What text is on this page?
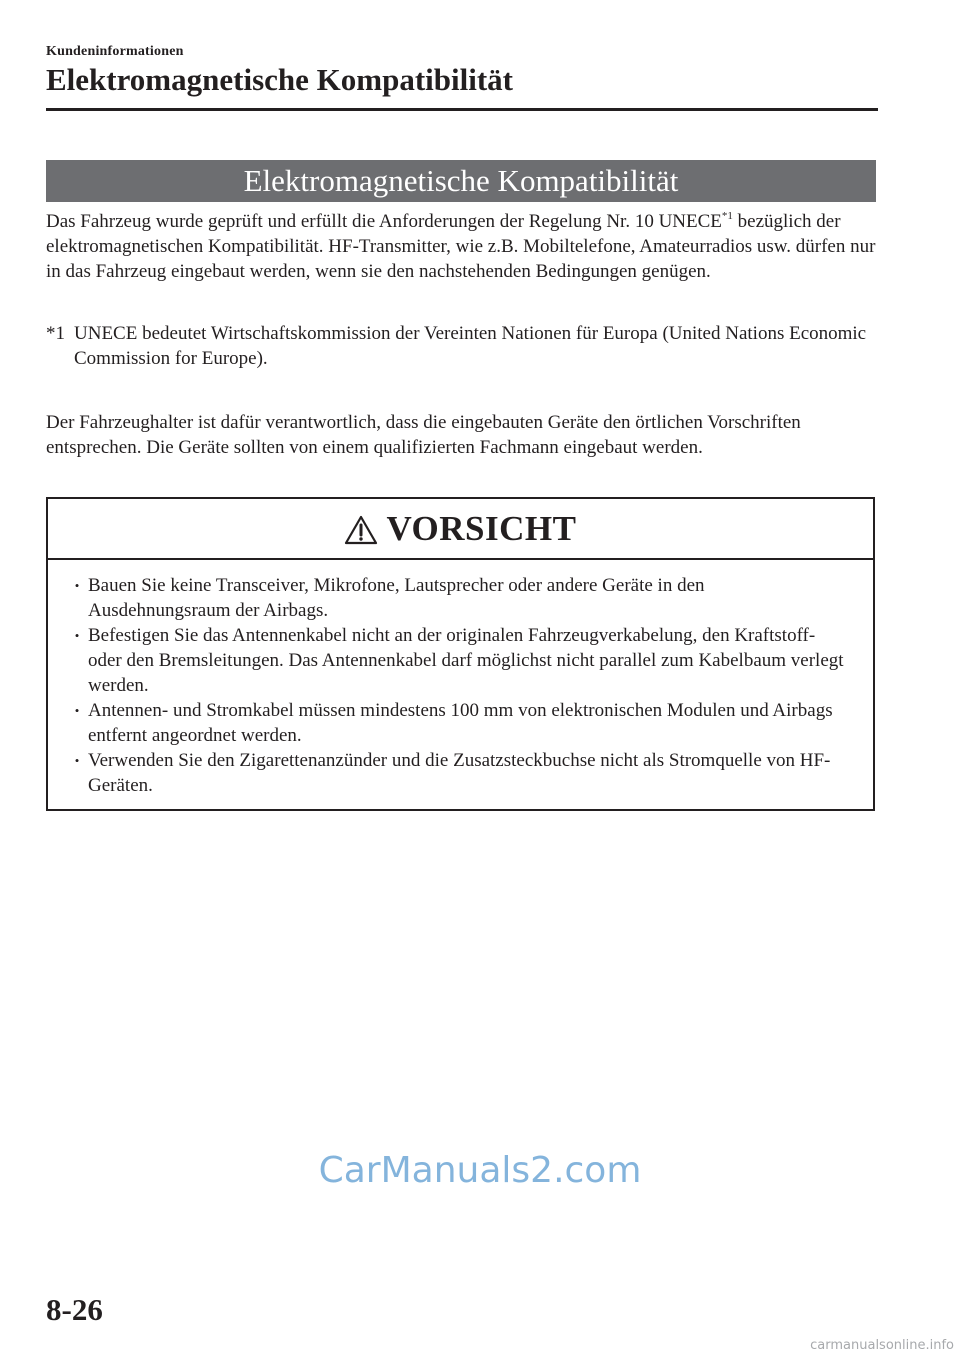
Kundeninformationen
Elektromagnetische Kompatibilität
Elektromagnetische Kompatibilität

Das Fahrzeug wurde geprüft und erfüllt die Anforderungen der Regelung Nr. 10 UNECE$^{*1}$ bezüglich der elektromagnetischen Kompatibilität. HF-Transmitter, wie z.B. Mobiltelefone, Amateurradios usw. dürfen nur in das Fahrzeug eingebaut werden, wenn sie den nachstehenden Bedingungen genügen.

*1 UNECE bedeutet Wirtschaftskommission der Vereinten Nationen für Europa (United Nations Economic Commission for Europe).

Der Fahrzeughalter ist dafür verantwortlich, dass die eingebauten Geräte den örtlichen Vorschriften entsprechen. Die Geräte sollten von einem qualifizierten Fachmann eingebaut werden.

VORSICHT
• Bauen Sie keine Transceiver, Mikrofone, Lautsprecher oder andere Geräte in den Ausdehnungsraum der Airbags.
• Befestigen Sie das Antennenkabel nicht an der originalen Fahrzeugverkabelung, den Kraftstoff- oder den Bremsleitungen. Das Antennenkabel darf möglichst nicht parallel zum Kabelbaum verlegt werden.
• Antennen- und Stromkabel müssen mindestens 100 mm von elektronischen Modulen und Airbags entfernt angeordnet werden.
• Verwenden Sie den Zigarettenanzünder und die Zusatzsteckbuchse nicht als Stromquelle von HF-Geräten.
CarManuals2.com
8-26
carmanualsonline.info
